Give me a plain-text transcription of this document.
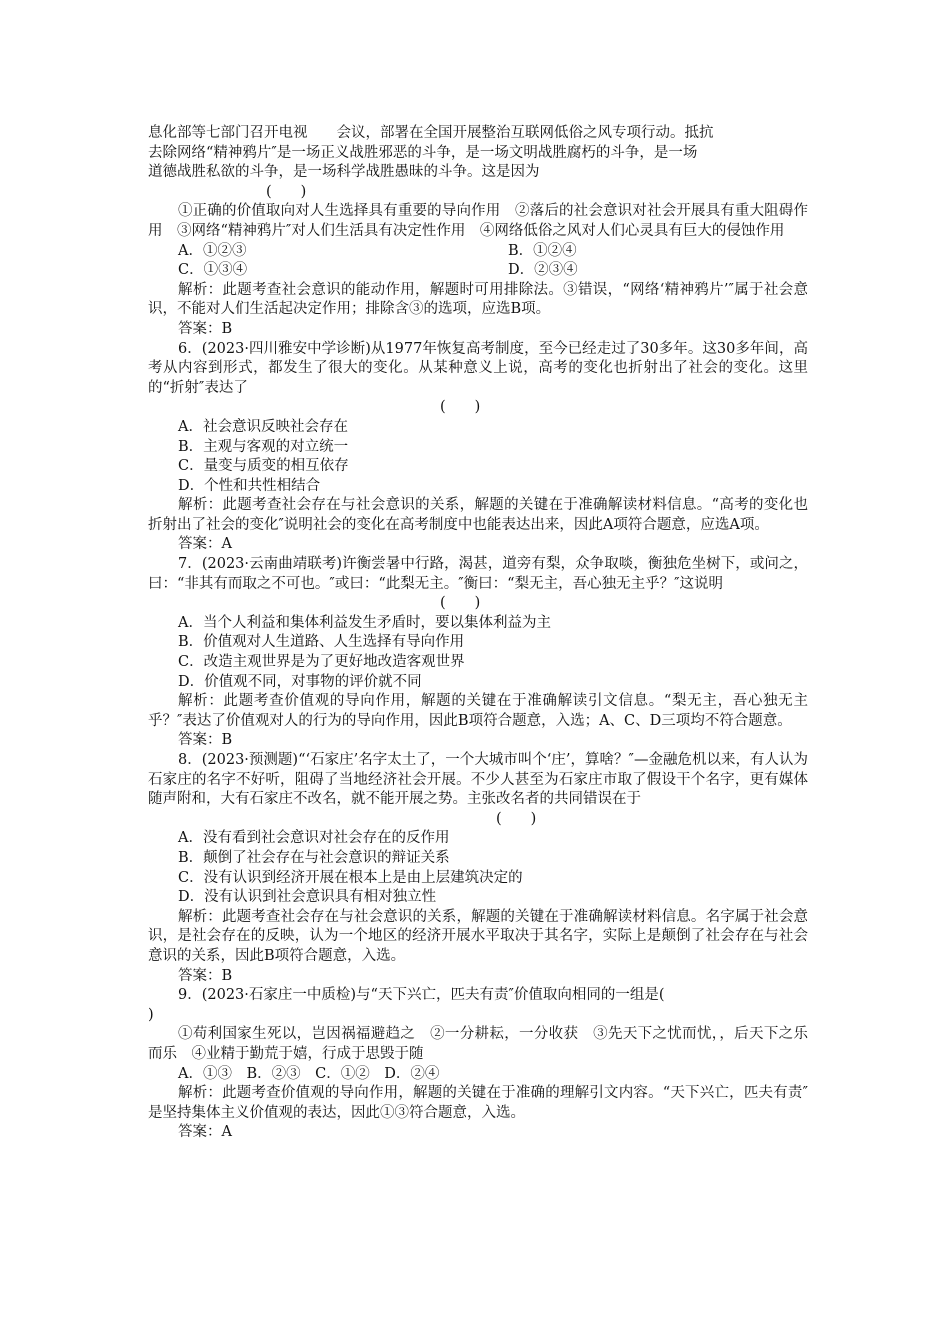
息化部等七部门召开电视　　会议，部署在全国开展整治互联网低俗之风专项行动。抵抗

去除网络“精神鸦片″是一场正义战胜邪恶的斗争，是一场文明战胜腐朽的斗争，是一场

道德战胜私欲的斗争，是一场科学战胜愚昧的斗争。这是因为

(　　)

①正确的价值取向对人生选择具有重要的导向作用　②落后的社会意识对社会开展具有重大阻碍作用　③网络“精神鸦片″对人们生活具有决定性作用　④网络低俗之风对人们心灵具有巨大的侵蚀作用

A．①②③	B．①②④
C．①③④	D．②③④

解析：此题考查社会意识的能动作用，解题时可用排除法。③错误，“网络‘精神鸦片’″属于社会意识，不能对人们生活起决定作用；排除含③的选项，应选B项。

答案：B

6．(2023·四川雅安中学诊断)从1977年恢复高考制度，至今已经走过了30多年。这30多年间，高考从内容到形式，都发生了很大的变化。从某种意义上说，高考的变化也折射出了社会的变化。这里的“折射″表达了

(　　)

A．社会意识反映社会存在

B．主观与客观的对立统一

C．量变与质变的相互依存

D．个性和共性相结合

解析：此题考查社会存在与社会意识的关系，解题的关键在于准确解读材料信息。“高考的变化也折射出了社会的变化″说明社会的变化在高考制度中也能表达出来，因此A项符合题意，应选A项。

答案：A

7．(2023·云南曲靖联考)许衡尝暑中行路，渴甚，道旁有梨，众争取啖，衡独危坐树下，或问之，曰：“非其有而取之不可也。″或曰：“此梨无主。″衡曰：“梨无主，吾心独无主乎？″这说明

(　　)

A．当个人利益和集体利益发生矛盾时，要以集体利益为主

B．价值观对人生道路、人生选择有导向作用

C．改造主观世界是为了更好地改造客观世界

D．价值观不同，对事物的评价就不同

解析：此题考查价值观的导向作用，解题的关键在于准确解读引文信息。“梨无主，吾心独无主乎？″表达了价值观对人的行为的导向作用，因此B项符合题意，入选；A、C、D三项均不符合题意。

答案：B

8．(2023·预测题)“‘石家庄’名字太土了，一个大城市叫个‘庄’，算啥？″—金融危机以来，有人认为石家庄的名字不好听，阻碍了当地经济社会开展。不少人甚至为石家庄市取了假设干个名字，更有媒体随声附和，大有石家庄不改名，就不能开展之势。主张改名者的共同错误在于

(　　)

A．没有看到社会意识对社会存在的反作用

B．颠倒了社会存在与社会意识的辩证关系

C．没有认识到经济开展在根本上是由上层建筑决定的

D．没有认识到社会意识具有相对独立性

解析：此题考查社会存在与社会意识的关系，解题的关键在于准确解读材料信息。名字属于社会意识，是社会存在的反映，认为一个地区的经济开展水平取决于其名字，实际上是颠倒了社会存在与社会意识的关系，因此B项符合题意，入选。

答案：B

9．(2023·石家庄一中质检)与“天下兴亡，匹夫有责″价值取向相同的一组是(

)

①苟利国家生死以，岂因祸福避趋之　②一分耕耘，一分收获　③先天下之忧而忧，，后天下之乐而乐　④业精于勤荒于嬉，行成于思毁于随

A．①③　B．②③　C．①②　D．②④

解析：此题考查价值观的导向作用，解题的关键在于准确的理解引文内容。“天下兴亡，匹夫有责″是坚持集体主义价值观的表达，因此①③符合题意，入选。

答案：A
